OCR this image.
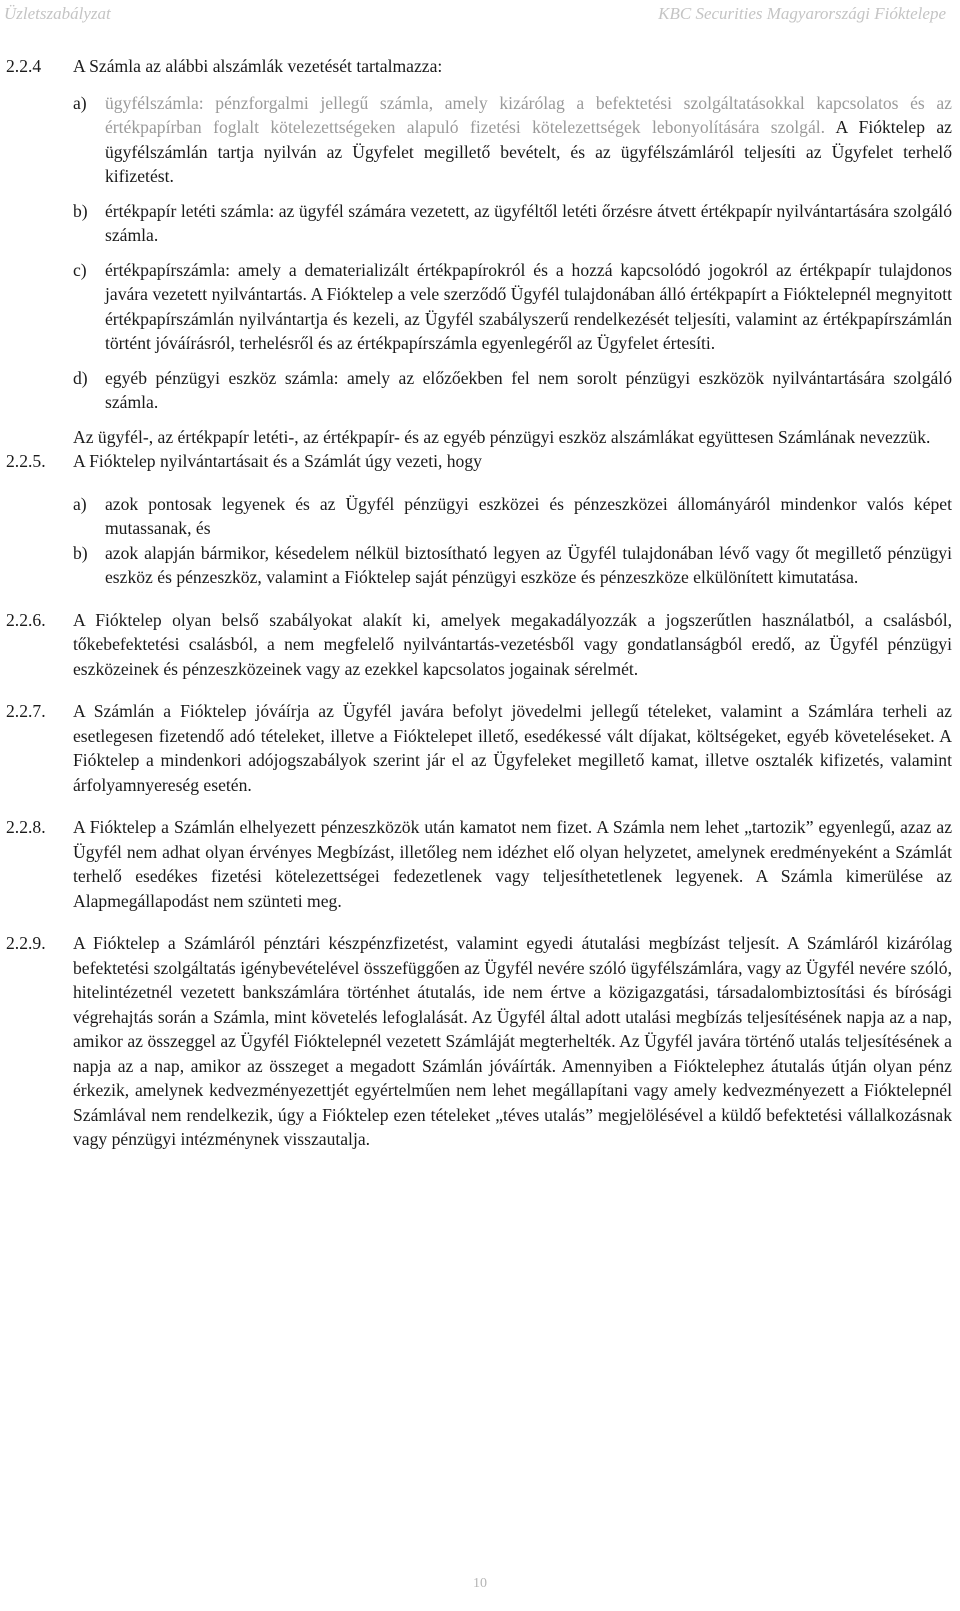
Üzletszabályzat	KBC Securities Magyarországi Fióktelepe
2.2.4	A Számla az alábbi alszámlák vezetését tartalmazza:
a)	ügyfélszámla: pénzforgalmi jellegű számla, amely kizárólag a befektetési szolgáltatásokkal kapcsolatos és az értékpapírban foglalt kötelezettségeken alapuló fizetési kötelezettségek lebonyolítására szolgál. A Fióktelep az ügyfélszámlán tartja nyilván az Ügyfelet megillető bevételt, és az ügyfélszámláról teljesíti az Ügyfelet terhelő kifizetést.
b) értékpapír letéti számla: az ügyfél számára vezetett, az ügyféltől letéti őrzésre átvett értékpapír nyilvántartására szolgáló számla.
c)	értékpapírszámla: amely a dematerializált értékpapírokról és a hozzá kapcsolódó jogokról az értékpapír tulajdonos javára vezetett nyilvántartás. A Fióktelep a vele szerződő Ügyfél tulajdonában álló értékpapírt a Fióktelepnél megnyitott értékpapírszámlán nyilvántartja és kezeli, az Ügyfél szabályszerű rendelkezését teljesíti, valamint az értékpapírszámlán történt jóváírásról, terhelésről és az értékpapírszámla egyenlegéről az Ügyfelet értesíti.
d) egyéb pénzügyi eszköz számla: amely az előzőekben fel nem sorolt pénzügyi eszközök nyilvántartására szolgáló számla.
Az ügyfél-, az értékpapír letéti-, az értékpapír- és az egyéb pénzügyi eszköz alszámlákat együttesen Számlának nevezzük.
2.2.5.	A Fióktelep nyilvántartásait és a Számlát úgy vezeti, hogy
a)	azok pontosak legyenek és az Ügyfél pénzügyi eszközei és pénzeszközei állományáról mindenkor valós képet mutassanak, és
b) azok alapján bármikor, késedelem nélkül biztosítható legyen az Ügyfél tulajdonában lévő vagy őt megillető pénzügyi eszköz és pénzeszköz, valamint a Fióktelep saját pénzügyi eszköze és pénzeszköze elkülönített kimutatása.
2.2.6.	A Fióktelep olyan belső szabályokat alakít ki, amelyek megakadályozzák a jogszerűtlen használatból, a csalásból, tőkebefektetési csalásból, a nem megfelelő nyilvántartás-vezetésből vagy gondatlanságból eredő, az Ügyfél pénzügyi eszközeinek és pénzeszközeinek vagy az ezekkel kapcsolatos jogainak sérelmét.
2.2.7.	A Számlán a Fióktelep jóváírja az Ügyfél javára befolyt jövedelmi jellegű tételeket, valamint a Számlára terheli az esetlegesen fizetendő adó tételeket, illetve a Fióktelepet illető, esedékessé vált díjakat, költségeket, egyéb követeléseket. A Fióktelep a mindenkori adójogszabályok szerint jár el az Ügyfeleket megillető kamat, illetve osztalék kifizetés, valamint árfolyamnyereség esetén.
2.2.8.	A Fióktelep a Számlán elhelyezett pénzeszközök után kamatot nem fizet. A Számla nem lehet „tartozik” egyenlegű, azaz az Ügyfél nem adhat olyan érvényes Megbízást, illetőleg nem idézhet elő olyan helyzetet, amelynek eredményeként a Számlát terhelő esedékes fizetési kötelezettségei fedezetlenek vagy teljesíthetetlenek legyenek. A Számla kimerülése az Alapmegállapodást nem szünteti meg.
2.2.9.	A Fióktelep a Számláról pénztári készpénzfizetést, valamint egyedi átutalási megbízást teljesít. A Számláról kizárólag befektetési szolgáltatás igénybevételével összefüggően az Ügyfél nevére szóló ügyfélszámlára, vagy az Ügyfél nevére szóló, hitelintézetnél vezetett bankszámlára történhet átutalás, ide nem értve a közigazgatási, társadalombiztosítási és bírósági végrehajtás során a Számla, mint követelés lefoglalását. Az Ügyfél által adott utalási megbízás teljesítésének napja az a nap, amikor az összeggel az Ügyfél Fióktelepnél vezetett Számláját megterhelték. Az Ügyfél javára történő utalás teljesítésének a napja az a nap, amikor az összeget a megadott Számlán jóváírták. Amennyiben a Fióktelephez átutalás útján olyan pénz érkezik, amelynek kedvezményezettjét egyértelműen nem lehet megállapítani vagy amely kedvezményezett a Fióktelepnél Számlával nem rendelkezik, úgy a Fióktelep ezen tételeket „téves utalás” megjelölésével a küldő befektetési vállalkozásnak vagy pénzügyi intézménynek visszautalja.
10
